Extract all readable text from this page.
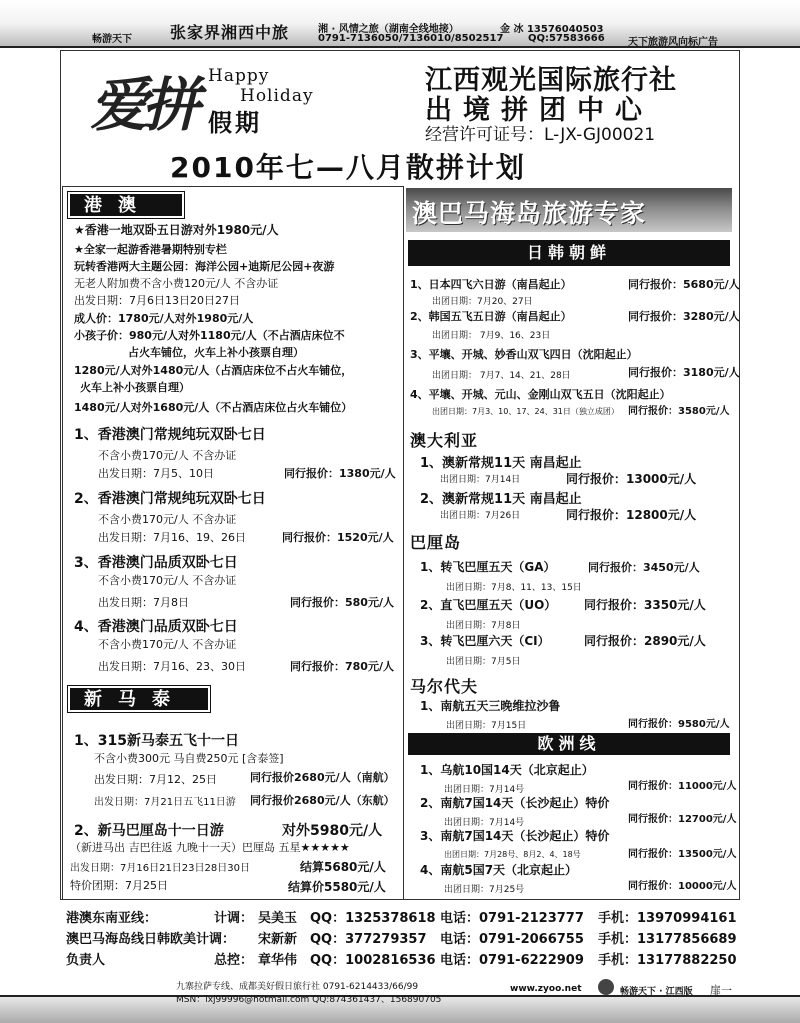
畅游天下 张家界湘西中旅	湘 · 风情之旅（湖南全线地接）	金 冰 13576040503
0791-7136050/7136010/8502517 QQ:57583666 天下旅游风向标广告
爱拼 Happy
Holiday
假期
江西观光国际旅行社
出境拼团中心
经营许可证号：L-JX-GJ00021
2010年七—八月散拼计划
港澳
★香港一地双卧五日游对外1980元/人
★全家一起游香港暑期特别专栏
玩转香港两大主题公园：海洋公园+迪斯尼公园+夜游
无老人附加费不含小费120元/人 不含办证
出发日期：7月6日13日20日27日
成人价：1780元/人对外1980元/人
小孩子价：980元/人对外1180元/人（不占酒店床位不
占火车铺位，火车上补小孩票自理）
1280元/人对外1480元/人（占酒店床位不占火车铺位，
火车上补小孩票自理）
1480元/人对外1680元/人（不占酒店床位占火车铺位）
1、香港澳门常规纯玩双卧七日
不含小费170元/人 不含办证
出发日期：7月5、10日	同行报价：1380元/人
2、香港澳门常规纯玩双卧七日
不含小费170元/人 不含办证
出发日期：7月16、19、26日	同行报价：1520元/人
3、香港澳门品质双卧七日
不含小费170元/人 不含办证
出发日期：7月8日	同行报价：580元/人
4、香港澳门品质双卧七日
不含小费170元/人 不含办证
出发日期：7月16、23、30日	同行报价：780元/人
新马泰
1、315新马泰五飞十一日
不含小费300元 马自费250元 [含泰签]
出发日期：7月12、25日	同行报价2680元/人（南航）
出发日期：7月21日五飞11日游 同行报价2680元/人（东航）
2、新马巴厘岛十一日游	对外5980元/人
（新进马出 吉巴往返 九晚十一天）巴厘岛 五星★★★★★
出发日期：7月16日21日23日28日30日	结算5680元/人
特价团期：7月25日	结算价5580元/人
澳巴马海岛旅游专家
日韩朝鲜
1、日本四飞六日游（南昌起止）	同行报价：5680元/人
出团日期：7月20、27日
2、韩国五飞五日游（南昌起止）	同行报价：3280元/人
出团日期： 7月9、16、23日
3、平壤、开城、妙香山双飞四日（沈阳起止）
同行报价：3180元/人
出团日期： 7月7、14、21、28日
4、平壤、开城、元山、金刚山双飞五日（沈阳起止）
出团日期：7月3、10、17、24、31日（独立成团） 同行报价：3580元/人
澳大利亚
1、澳新常规11天 南昌起止
出团日期：7月14日	同行报价：13000元/人
2、澳新常规11天 南昌起止
出团日期：7月26日	同行报价：12800元/人
巴厘岛
1、转飞巴厘五天（GA）	同行报价：3450元/人
出团日期：7月8、11、13、15日
2、直飞巴厘五天（UO） 同行报价：3350元/人
出团日期：7月8日
3、转飞巴厘六天（CI）	同行报价：2890元/人
出团日期：7月5日
马尔代夫
1、南航五天三晚维拉沙鲁
出团日期：7月15日	同行报价：9580元/人
欧洲线
1、乌航10国14天（北京起止）
出团日期：7月14号	同行报价：11000元/人
2、南航7国14天（长沙起止）特价
出团日期：7月14号	同行报价：12700元/人
3、南航7国14天（长沙起止）特价
出团日期：7月28号、8月2、4、18号	同行报价：13500元/人
4、南航5国7天（北京起止）
出团日期：7月25号	同行报价：10000元/人
港澳东南亚线：	计调： 吴美玉 QQ：1325378618 电话：0791-2123777 手机：13970994161
澳巴马海岛线日韩欧美计调： 宋新新 QQ：377279357 电话：0791-2066755 手机：13177856689
负责人	总控： 章华伟 QQ：1002816536 电话：0791-6222909 手机：13177882250
九寨拉萨专线、成都美好假日旅行社 0791-6214433/66/99
MSN：lxj99996@hotmail.com QQ:874361437、156890705
www.zyoo.net	畅游天下 · 江西版 扉一
